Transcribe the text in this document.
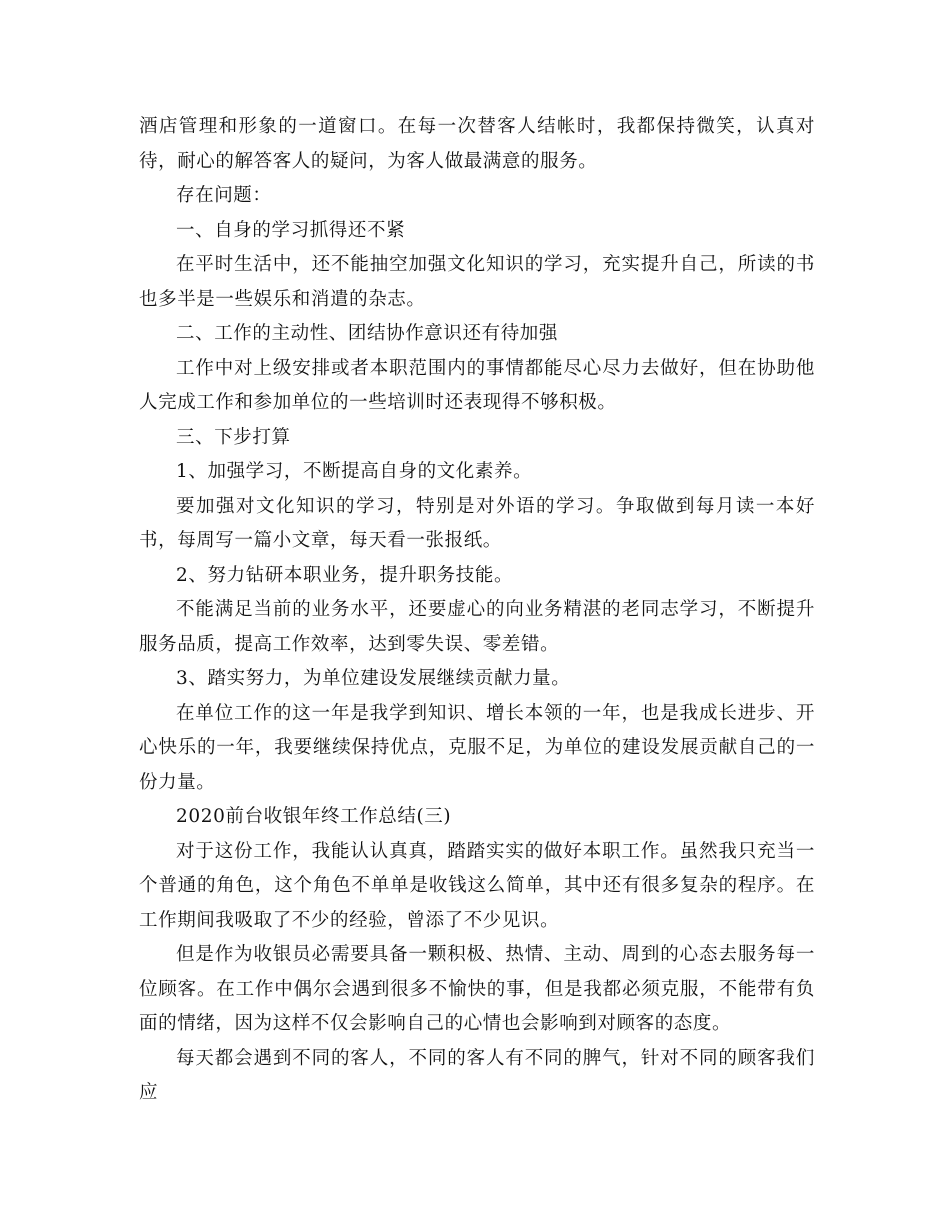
酒店管理和形象的一道窗口。在每一次替客人结帐时，我都保持微笑，认真对待，耐心的解答客人的疑问，为客人做最满意的服务。

存在问题：

一、自身的学习抓得还不紧

在平时生活中，还不能抽空加强文化知识的学习，充实提升自己，所读的书也多半是一些娱乐和消遣的杂志。

二、工作的主动性、团结协作意识还有待加强

工作中对上级安排或者本职范围内的事情都能尽心尽力去做好，但在协助他人完成工作和参加单位的一些培训时还表现得不够积极。

三、下步打算

1、加强学习，不断提高自身的文化素养。

要加强对文化知识的学习，特别是对外语的学习。争取做到每月读一本好书，每周写一篇小文章，每天看一张报纸。

2、努力钻研本职业务，提升职务技能。

不能满足当前的业务水平，还要虚心的向业务精湛的老同志学习，不断提升服务品质，提高工作效率，达到零失误、零差错。

3、踏实努力，为单位建设发展继续贡献力量。

在单位工作的这一年是我学到知识、增长本领的一年，也是我成长进步、开心快乐的一年，我要继续保持优点，克服不足，为单位的建设发展贡献自己的一份力量。

2020前台收银年终工作总结(三)

对于这份工作，我能认认真真，踏踏实实的做好本职工作。虽然我只充当一个普通的角色，这个角色不单单是收钱这么简单，其中还有很多复杂的程序。在工作期间我吸取了不少的经验，曾添了不少见识。

但是作为收银员必需要具备一颗积极、热情、主动、周到的心态去服务每一位顾客。在工作中偶尔会遇到很多不愉快的事，但是我都必须克服，不能带有负面的情绪，因为这样不仅会影响自己的心情也会影响到对顾客的态度。

每天都会遇到不同的客人，不同的客人有不同的脾气，针对不同的顾客我们应
